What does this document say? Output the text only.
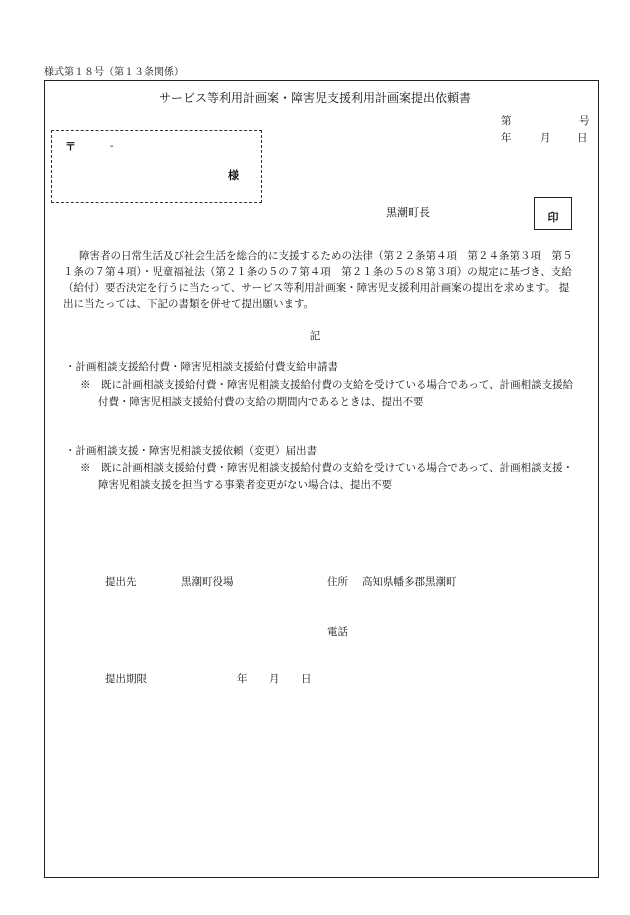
様式第１８号（第１３条関係）
サービス等利用計画案・障害児支援利用計画案提出依頼書
第	号
年	月	日
〒	-
様
黒潮町長	印
障害者の日常生活及び社会生活を総合的に支援するための法律（第２２条第４項　第２４条第３項　第５
１条の７第４項）・児童福祉法（第２１条の５の７第４項　第２１条の５の８第３項）の規定に基づき、支給
（給付）要否決定を行うに当たって、サービス等利用計画案・障害児支援利用計画案の提出を求めます。 提
出に当たっては、下記の書類を併せて提出願います。
記
・計画相談支援給付費・障害児相談支援給付費支給申請書
※　既に計画相談支援給付費・障害児相談支援給付費の支給を受けている場合であって、計画相談支援給
付費・障害児相談支援給付費の支給の期間内であるときは、提出不要
・計画相談支援・障害児相談支援依頼（変更）届出書
※　既に計画相談支援給付費・障害児相談支援給付費の支給を受けている場合であって、計画相談支援・
障害児相談支援を担当する事業者変更がない場合は、提出不要
提出先	黒潮町役場	住所 高知県幡多郡黒潮町
電話
提出期限	年 月 日
